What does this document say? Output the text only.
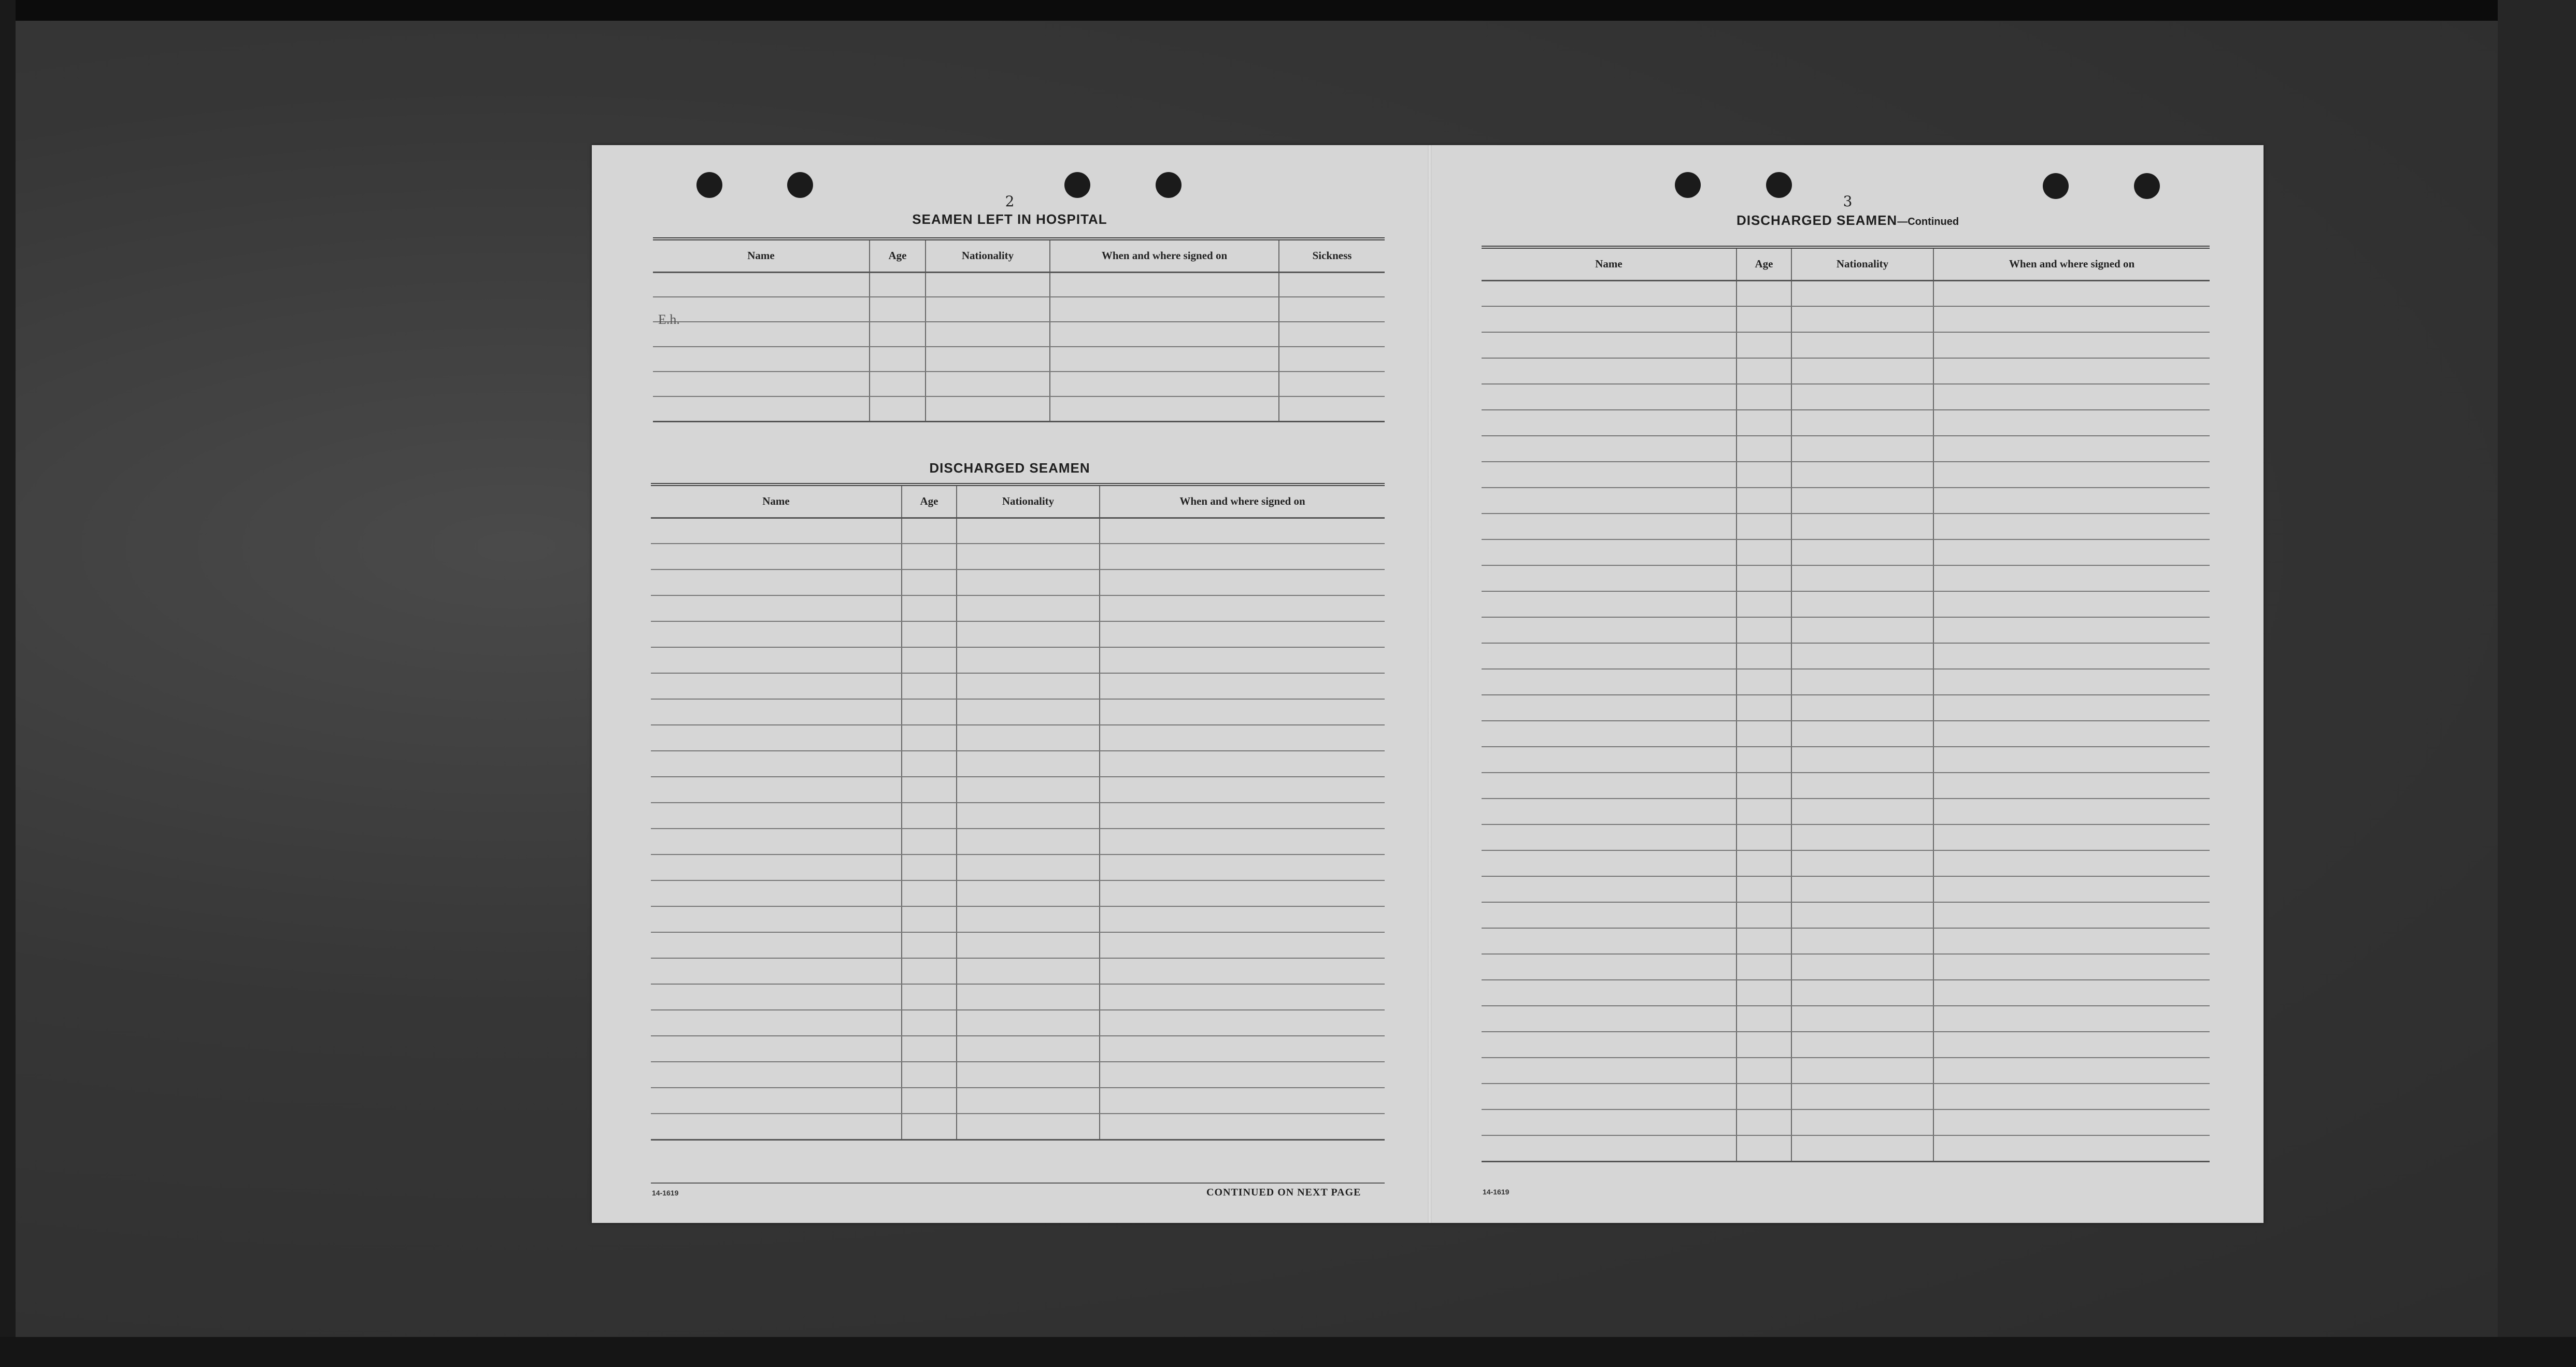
2
SEAMEN LEFT IN HOSPITAL
Name	Age	Nationality	When and where signed on	Sickness

E.h.
DISCHARGED SEAMEN
Name	Age	Nationality	When and where signed on

14-1619	CONTINUED ON NEXT PAGE
3
DISCHARGED SEAMEN—Continued
Name	Age	Nationality	When and where signed on

14-1619
